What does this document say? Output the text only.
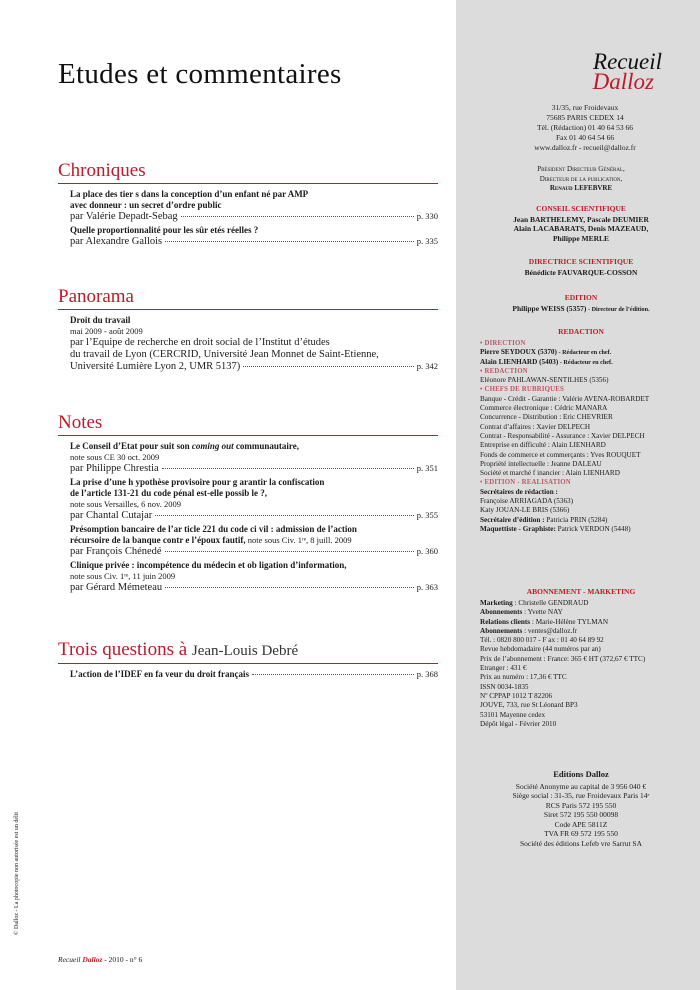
Etudes et commentaires
Chroniques
La place des tier s dans la conception d’un enfant né par AMP
avec donneur : un secret d’ordre public
par Valérie Depadt-Sebag	p. 330
Quelle proportionnalité pour les sûr etés réelles ?
par Alexandre Gallois	p. 335
Panorama
Droit du travail
mai 2009 - août 2009
par l’Equipe de recherche en droit social de l’Institut d’études
du travail de Lyon (CERCRID, Université Jean Monnet de Saint-Etienne,
Université Lumière Lyon 2, UMR 5137)	p. 342
Notes
Le Conseil d’Etat pour suit son coming out communautaire,
note sous CE 30 oct. 2009
par Philippe Chrestia	p. 351
La prise d’une h ypothèse provisoire pour g arantir la confiscation
de l’article 131-21 du code pénal est-elle possib le ?,
note sous Versailles, 6 nov. 2009
par Chantal Cutajar	p. 355
Présomption bancaire de l’ar ticle 221 du code ci vil : admission de l’action
récursoire de la banque contr e l’époux fautif, note sous Civ. 1ʳᵉ, 8 juill. 2009
par François Chénedé	p. 360
Clinique privée : incompétence du médecin et ob ligation d’information,
note sous Civ. 1ʳᵉ, 11 juin 2009
par Gérard Mémeteau	p. 363
Trois questions à Jean-Louis Debré
L’action de l’IDEF en fa veur du droit français	p. 368
© Dalloz - La photocopie non autorisée est un délit
Recueil Dalloz - 2010 - n° 6
Recueil
Dalloz
31/35, rue Froidevaux
75685 PARIS CEDEX 14
Tél. (Rédaction) 01 40 64 53 66
Fax 01 40 64 54 66
www.dalloz.fr - recueil@dalloz.fr
Président Directeur Général,
Directeur de la publication,
Renaud LEFEBVRE
CONSEIL SCIENTIFIQUE
Jean BARTHELEMY, Pascale DEUMIER
Alain LACABARATS, Denis MAZEAUD,
Philippe MERLE
DIRECTRICE SCIENTIFIQUE
Bénédicte FAUVARQUE-COSSON
EDITION
Philippe WEISS (5357) - Directeur de l’édition.
REDACTION
• DIRECTION
Pierre SEYDOUX (5370) - Rédacteur en chef.
Alain LIENHARD (5403) - Rédacteur en chef.
• REDACTION
Eléonore PAHLAWAN-SENTILHES (5356)
• CHEFS DE RUBRIQUES
Banque - Crédit - Garantie : Valérie AVENA-ROBARDET
Commerce électronique : Cédric MANARA
Concurrence - Distribution : Eric CHEVRIER
Contrat d’affaires : Xavier DELPECH
Contrat - Responsabilité - Assurance : Xavier DELPECH
Entreprise en difficulté : Alain LIENHARD
Fonds de commerce et commerçants : Yves ROUQUET
Propriété intellectuelle : Jeanne DALEAU
Société et marché f inancier : Alain LIENHARD
• EDITION - REALISATION
Secrétaires de rédaction :
Françoise ARRIAGADA (5363)
Katy JOUAN-LE BRIS (5366)
Secrétaire d’édition : Patricia PRIN (5284)
Maquettiste - Graphiste: Patrick VERDON (5448)
ABONNEMENT - MARKETING
Marketing : Christelle GENDRAUD
Abonnements : Yvette NAY
Relations clients : Marie-Hélène TYLMAN
Abonnements : ventes@dalloz.fr
Tél. : 0820 800 017 - F ax : 01 40 64 89 92
Revue hebdomadaire (44 numéros par an)
Prix de l’abonnement : France: 365 € HT (372,67 € TTC)
Etranger : 431 €
Prix au numéro : 17,36 € TTC
ISSN 0034-1835
Nº CPPAP 1012 T 82206
JOUVE, 733, rue St Léonard BP3
53101 Mayenne cedex
Dépôt légal - Février 2010
Editions Dalloz
Société Anonyme au capital de 3 956 040 €
Siège social : 31-35, rue Froidevaux Paris 14ᵉ
RCS Paris 572 195 550
Siret 572 195 550 00098
Code APE 5811Z
TVA FR 69 572 195 550
Société des éditions Lefeb vre Sarrut SA
